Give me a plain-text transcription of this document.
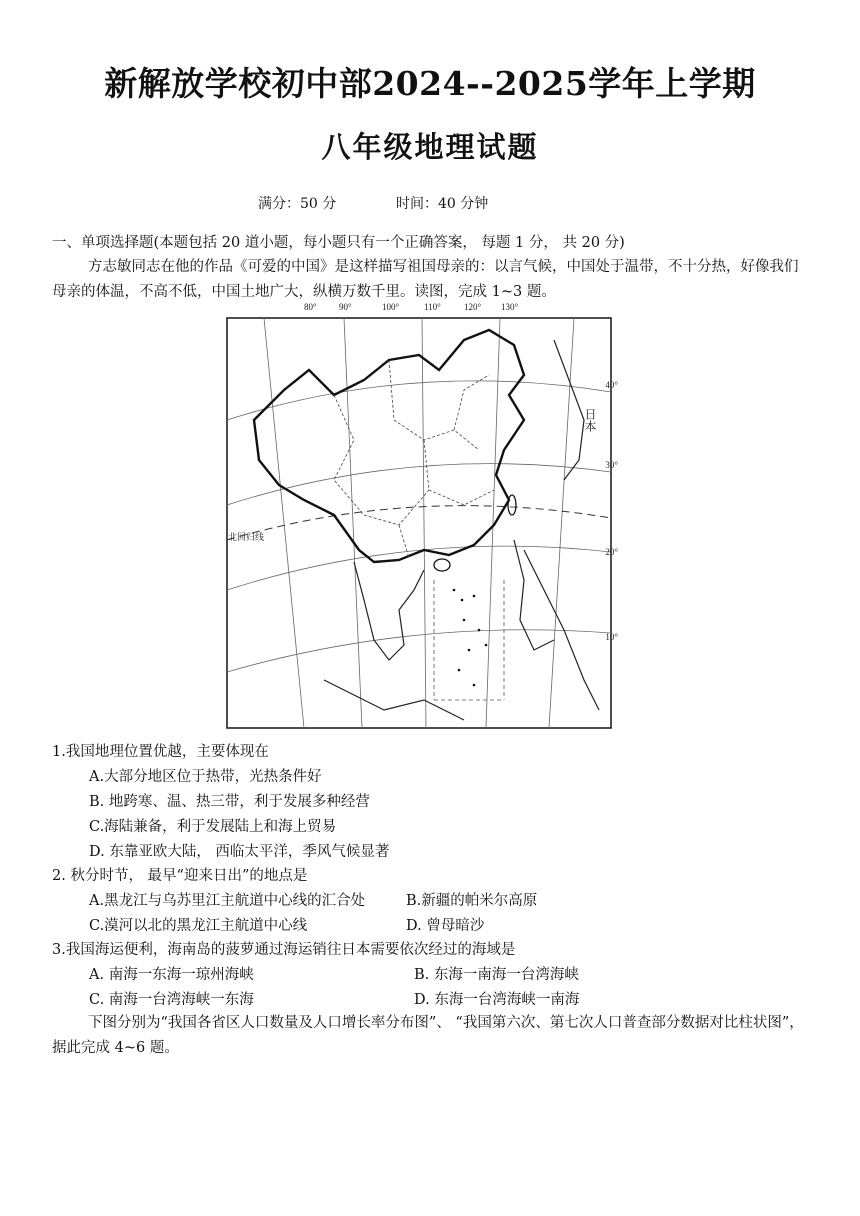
新解放学校初中部2024--2025学年上学期
八年级地理试题
满分：50 分	时间：40 分钟
一、单项选择题(本题包括 20 道小题，每小题只有一个正确答案， 每题 1 分， 共 20 分)
方志敏同志在他的作品《可爱的中国》是这样描写祖国母亲的：以言气候，中国处于温带，不十分热，好像我们母亲的体温，不高不低，中国土地广大，纵横万数千里。读图，完成 1~3 题。
80° 90°	100°	110°	120° 130°
40°
30°
20°
10°
北回归线
日本
1.我国地理位置优越，主要体现在
A.大部分地区位于热带，光热条件好
B. 地跨寒、温、热三带，利于发展多种经营
C.海陆兼备，利于发展陆上和海上贸易
D. 东靠亚欧大陆， 西临太平洋，季风气候显著
2. 秋分时节， 最早“迎来日出”的地点是
A.黑龙江与乌苏里江主航道中心线的汇合处	B.新疆的帕米尔高原
C.漠河以北的黑龙江主航道中心线	D. 曾母暗沙
3.我国海运便利，海南岛的菠萝通过海运销往日本需要依次经过的海域是
A. 南海一东海一琼州海峡	B. 东海一南海一台湾海峡
C. 南海一台湾海峡一东海	D. 东海一台湾海峡一南海
下图分别为“我国各省区人口数量及人口增长率分布图”、 “我国第六次、第七次人口普查部分数据对比柱状图”，据此完成 4~6 题。
